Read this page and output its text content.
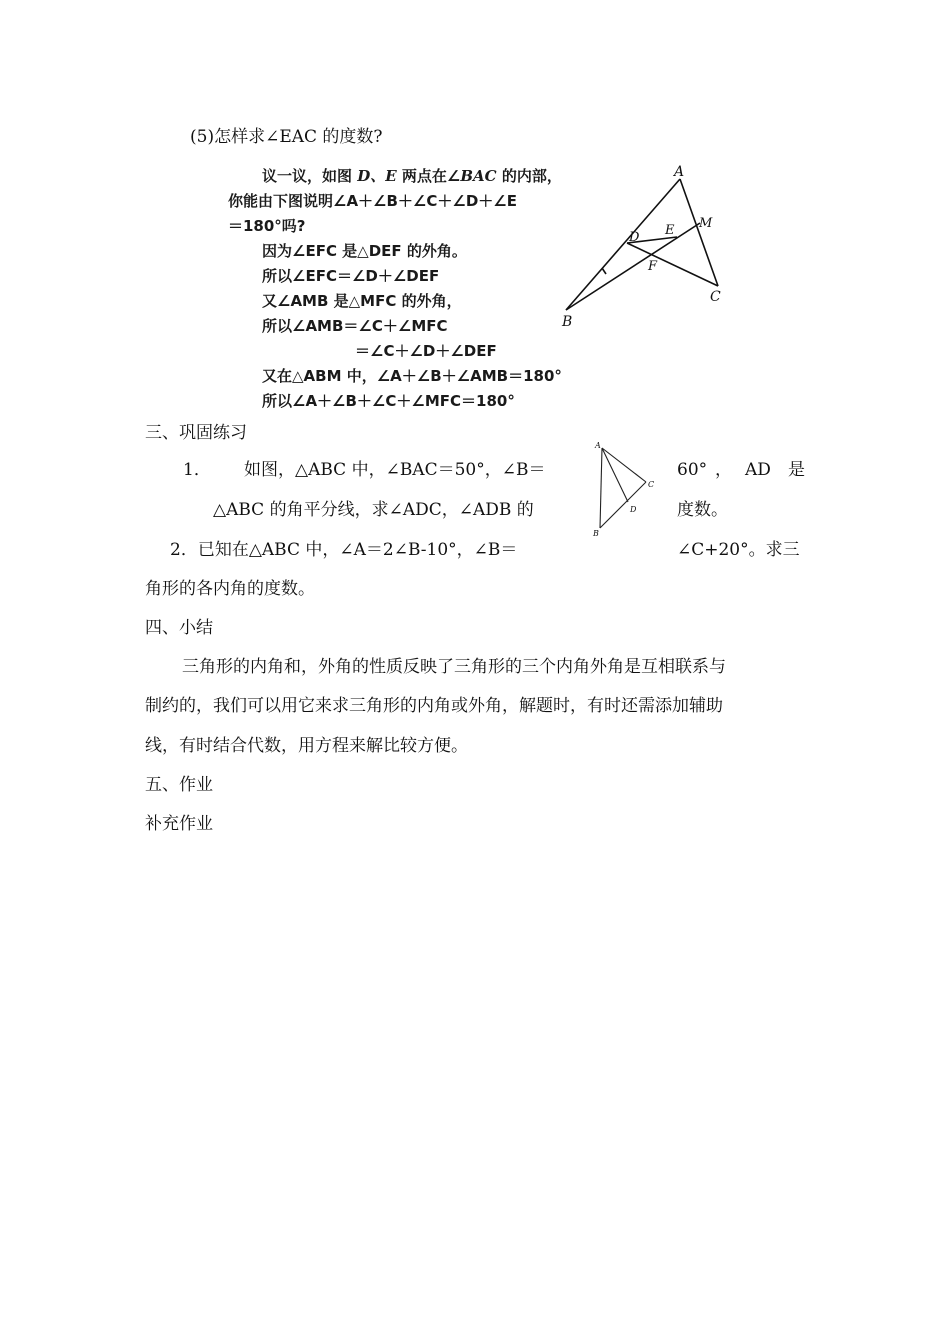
(5)怎样求∠EAC 的度数?
议一议，如图 D、E 两点在∠BAC 的内部，
你能由下图说明∠A＋∠B＋∠C＋∠D＋∠E
＝180°吗?
因为∠EFC 是△DEF 的外角。
所以∠EFC＝∠D＋∠DEF
又∠AMB 是△MFC 的外角，
所以∠AMB＝∠C＋∠MFC
＝∠C＋∠D＋∠DEF
又在△ABM 中，∠A＋∠B＋∠AMB＝180°
所以∠A＋∠B＋∠C＋∠MFC＝180°
A
B
C
D E
F
M
三、巩固练习
1． 如图，△ABC 中，∠BAC＝50°，∠B＝	60° ， AD 是
△ABC 的角平分线，求∠ADC，∠ADB 的	度数。
A
B
C
D
2．已知在△ABC 中，∠A＝2∠B-10°，∠B＝	∠C+20°。求三
角形的各内角的度数。
四、小结
三角形的内角和，外角的性质反映了三角形的三个内角外角是互相联系与
制约的，我们可以用它来求三角形的内角或外角，解题时，有时还需添加辅助
线，有时结合代数，用方程来解比较方便。
五、作业
补充作业
